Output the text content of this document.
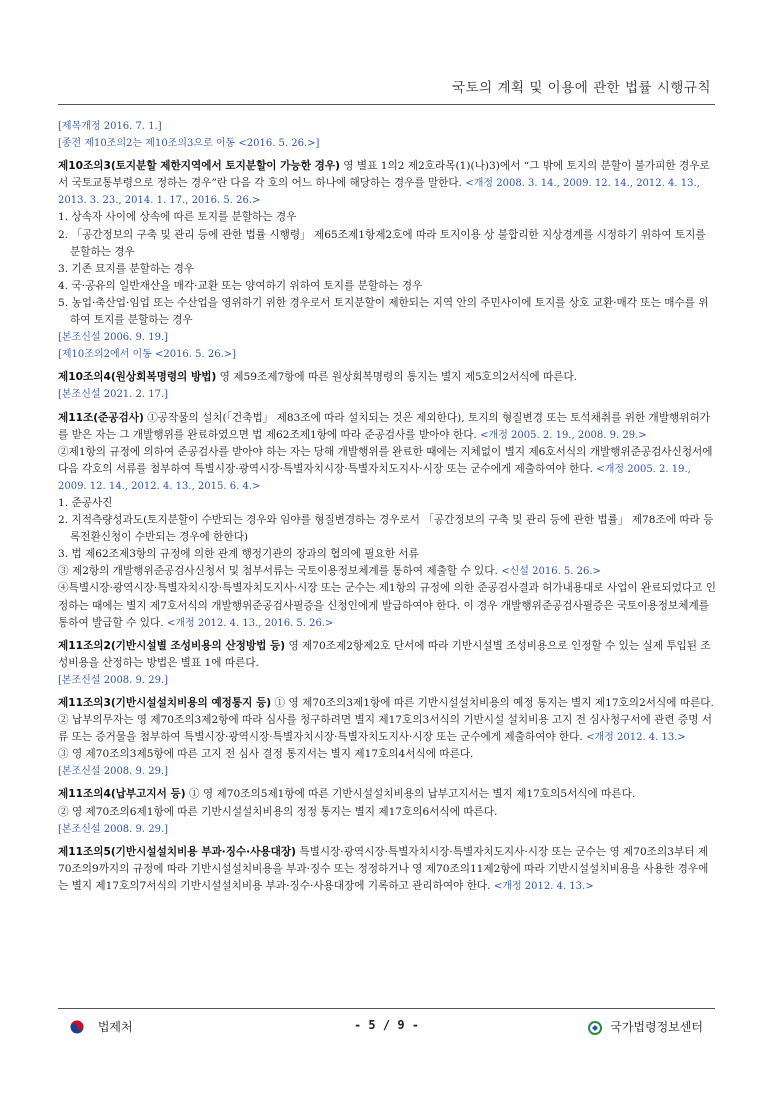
국토의 계획 및 이용에 관한 법률 시행규칙
[제목개정 2016. 7. 1.]
[종전 제10조의2는 제10조의3으로 이동 <2016. 5. 26.>]
제10조의3(토지분할 제한지역에서 토지분할이 가능한 경우) 영 별표 1의2 제2호라목(1)(나)3)에서 “그 밖에 토지의 분할이 불가피한 경우로서 국토교통부령으로 정하는 경우”란 다음 각 호의 어느 하나에 해당하는 경우를 말한다. <개정 2008. 3. 14., 2009. 12. 14., 2012. 4. 13., 2013. 3. 23., 2014. 1. 17., 2016. 5. 26.>
1. 상속자 사이에 상속에 따른 토지를 분할하는 경우
2. 「공간정보의 구축 및 관리 등에 관한 법률 시행령」 제65조제1항제2호에 따라 토지이용 상 불합리한 지상경계를 시정하기 위하여 토지를 분할하는 경우
3. 기존 묘지를 분할하는 경우
4. 국·공유의 일반재산을 매각·교환 또는 양여하기 위하여 토지를 분할하는 경우
5. 농업·축산업·임업 또는 수산업을 영위하기 위한 경우로서 토지분할이 제한되는 지역 안의 주민사이에 토지를 상호 교환·매각 또는 매수를 위하여 토지를 분할하는 경우
[본조신설 2006. 9. 19.]
[제10조의2에서 이동 <2016. 5. 26.>]
제10조의4(원상회복명령의 방법) 영 제59조제7항에 따른 원상회복명령의 통지는 별지 제5호의2서식에 따른다.
[본조신설 2021. 2. 17.]
제11조(준공검사) ①공작물의 설치(「건축법」 제83조에 따라 설치되는 것은 제외한다), 토지의 형질변경 또는 토석채취를 위한 개발행위허가를 받은 자는 그 개발행위를 완료하였으면 법 제62조제1항에 따라 준공검사를 받아야 한다. <개정 2005. 2. 19., 2008. 9. 29.>
②제1항의 규정에 의하여 준공검사를 받아야 하는 자는 당해 개발행위를 완료한 때에는 지체없이 별지 제6호서식의 개발행위준공검사신청서에 다음 각호의 서류를 첨부하여 특별시장·광역시장·특별자치시장·특별자치도지사·시장 또는 군수에게 제출하여야 한다. <개정 2005. 2. 19., 2009. 12. 14., 2012. 4. 13., 2015. 6. 4.>
1. 준공사진
2. 지적측량성과도(토지분할이 수반되는 경우와 임야를 형질변경하는 경우로서 「공간정보의 구축 및 관리 등에 관한 법률」 제78조에 따라 등록전환신청이 수반되는 경우에 한한다)
3. 법 제62조제3항의 규정에 의한 관계 행정기관의 장과의 협의에 필요한 서류
③ 제2항의 개발행위준공검사신청서 및 첨부서류는 국토이용정보체계를 통하여 제출할 수 있다. <신설 2016. 5. 26.>
④특별시장·광역시장·특별자치시장·특별자치도지사·시장 또는 군수는 제1항의 규정에 의한 준공검사결과 허가내용대로 사업이 완료되었다고 인정하는 때에는 별지 제7호서식의 개발행위준공검사필증을 신청인에게 발급하여야 한다. 이 경우 개발행위준공검사필증은 국토이용정보체계를 통하여 발급할 수 있다. <개정 2012. 4. 13., 2016. 5. 26.>
제11조의2(기반시설별 조성비용의 산정방법 등) 영 제70조제2항제2호 단서에 따라 기반시설별 조성비용으로 인정할 수 있는 실제 투입된 조성비용을 산정하는 방법은 별표 1에 따른다.
[본조신설 2008. 9. 29.]
제11조의3(기반시설설치비용의 예정통지 등) ① 영 제70조의3제1항에 따른 기반시설설치비용의 예정 통지는 별지 제17호의2서식에 따른다.
② 납부의무자는 영 제70조의3제2항에 따라 심사를 청구하려면 별지 제17호의3서식의 기반시설 설치비용 고지 전 심사청구서에 관련 증명 서류 또는 증거물을 첨부하여 특별시장·광역시장·특별자치시장·특별자치도지사·시장 또는 군수에게 제출하여야 한다. <개정 2012. 4. 13.>
③ 영 제70조의3제5항에 따른 고지 전 심사 결정 통지서는 별지 제17호의4서식에 따른다.
[본조신설 2008. 9. 29.]
제11조의4(납부고지서 등) ① 영 제70조의5제1항에 따른 기반시설설치비용의 납부고지서는 별지 제17호의5서식에 따른다.
② 영 제70조의6제1항에 따른 기반시설설치비용의 정정 통지는 별지 제17호의6서식에 따른다.
[본조신설 2008. 9. 29.]
제11조의5(기반시설설치비용 부과·징수·사용대장) 특별시장·광역시장·특별자치시장·특별자치도지사·시장 또는 군수는 영 제70조의3부터 제70조의9까지의 규정에 따라 기반시설설치비용을 부과·징수 또는 정정하거나 영 제70조의11제2항에 따라 기반시설설치비용을 사용한 경우에는 별지 제17호의7서식의 기반시설설치비용 부과·징수·사용대장에 기록하고 관리하여야 한다. <개정 2012. 4. 13.>
법제처	- 5 / 9 -	국가법령정보센터
